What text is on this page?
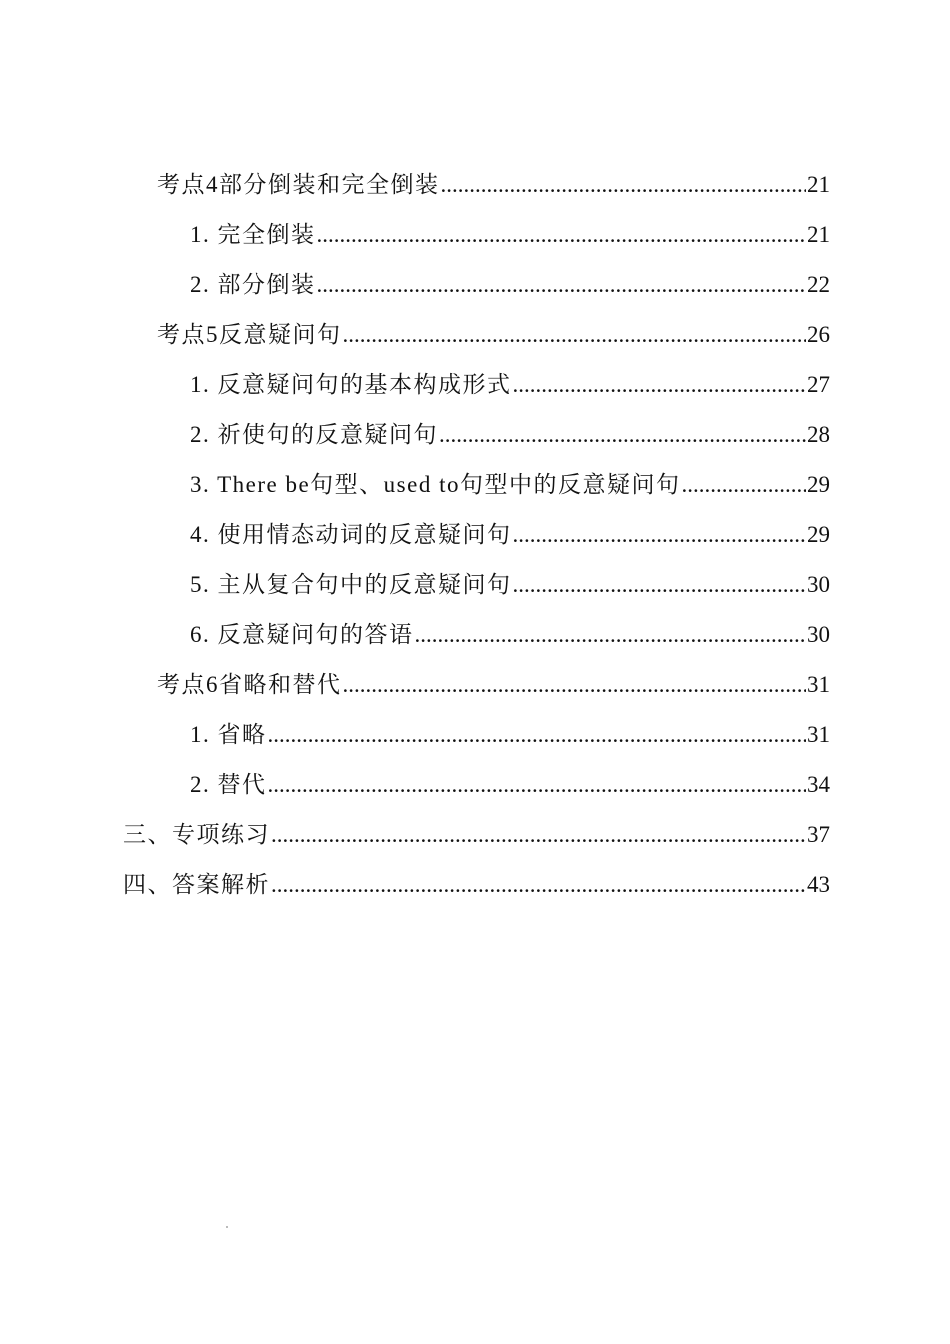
考点4部分倒装和完全倒装 .....	21
1. 完全倒装 .....	21
2. 部分倒装 .....	22
考点5反意疑问句 .....	26
1. 反意疑问句的基本构成形式 .....	27
2. 祈使句的反意疑问句 .....	28
3. There be句型、used to句型中的反意疑问句 .....	29
4. 使用情态动词的反意疑问句 .....	29
5. 主从复合句中的反意疑问句 .....	30
6. 反意疑问句的答语 .....	30
考点6省略和替代 .....	31
1. 省略 .....	31
2. 替代 .....	34
三、专项练习 .....	37
四、答案解析 .....	43
